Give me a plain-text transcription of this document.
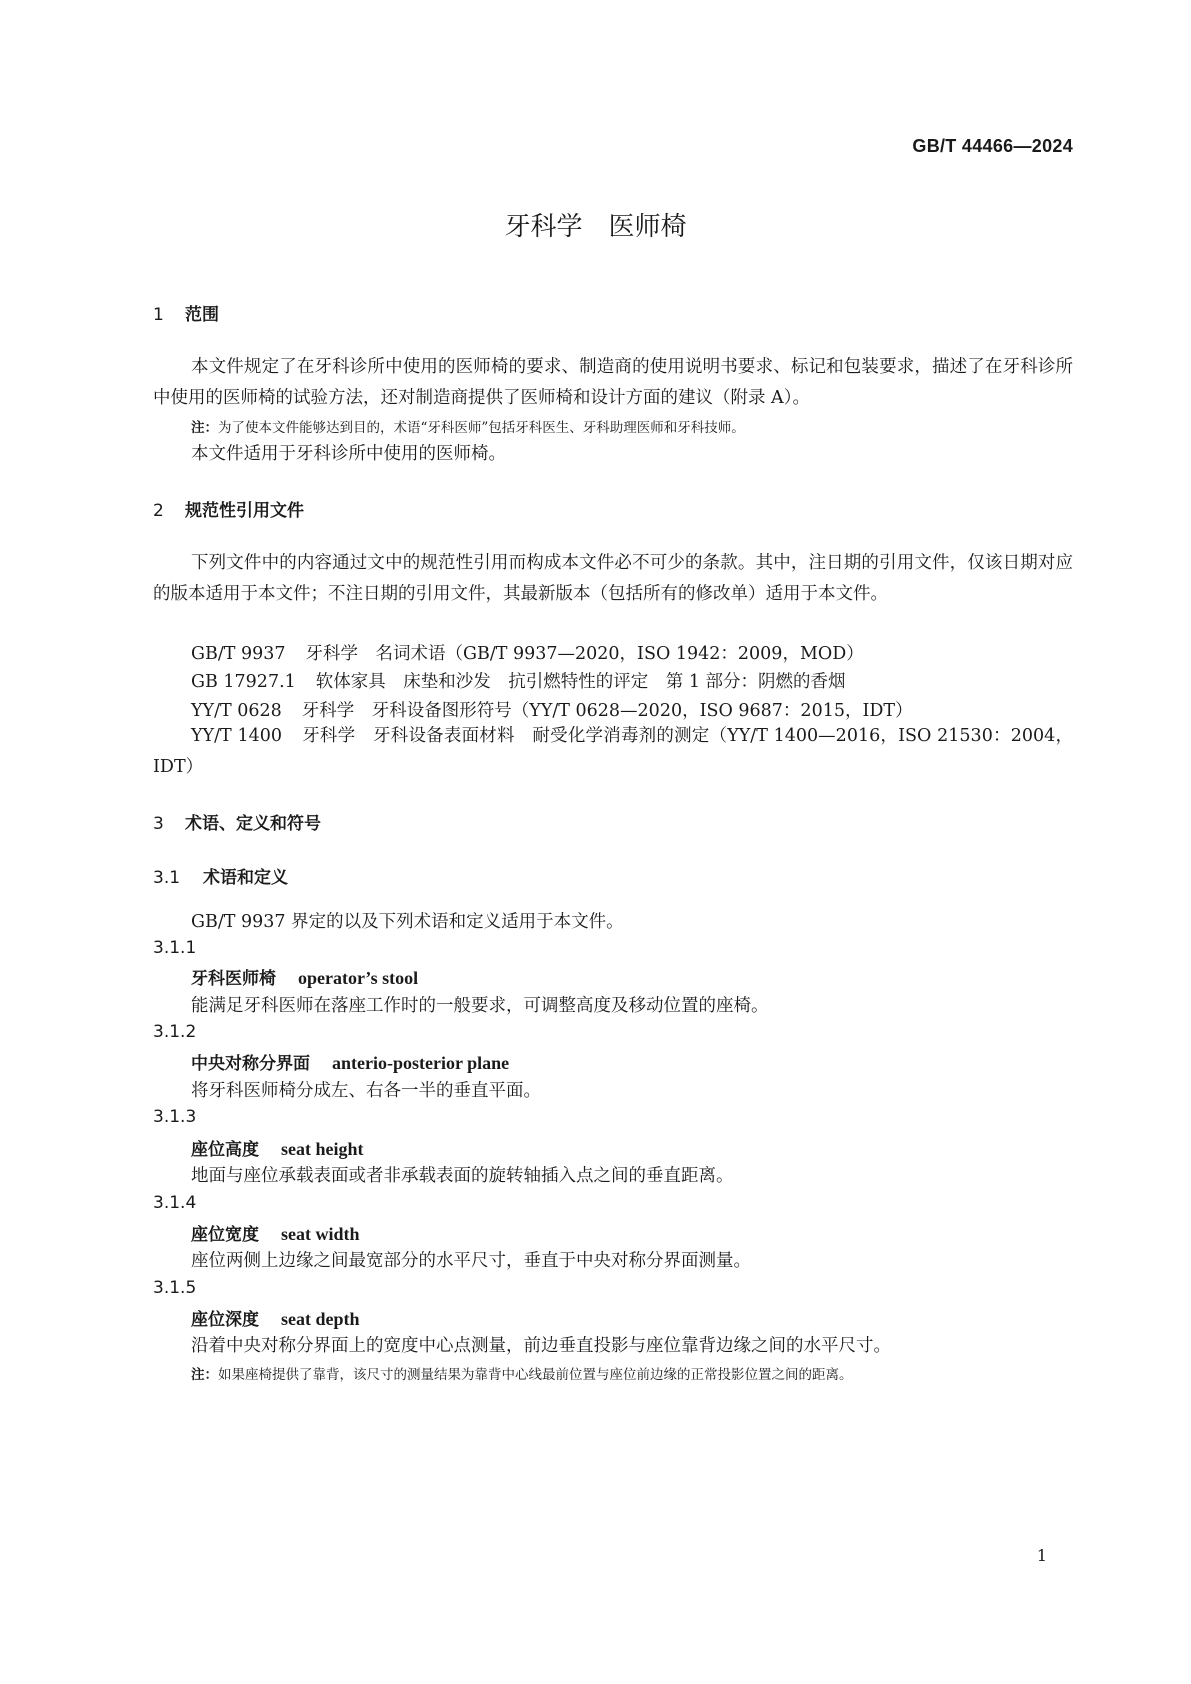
GB/T 44466—2024
牙科学　医师椅
1 范围
本文件规定了在牙科诊所中使用的医师椅的要求、制造商的使用说明书要求、标记和包装要求，描述了在牙科诊所中使用的医师椅的试验方法，还对制造商提供了医师椅和设计方面的建议（附录 A）。
注：为了使本文件能够达到目的，术语“牙科医师”包括牙科医生、牙科助理医师和牙科技师。
本文件适用于牙科诊所中使用的医师椅。
2 规范性引用文件
下列文件中的内容通过文中的规范性引用而构成本文件必不可少的条款。其中，注日期的引用文件，仅该日期对应的版本适用于本文件；不注日期的引用文件，其最新版本（包括所有的修改单）适用于本文件。
GB/T 9937 牙科学　名词术语（GB/T 9937—2020，ISO 1942：2009，MOD）
GB 17927.1 软体家具　床垫和沙发　抗引燃特性的评定　第 1 部分：阴燃的香烟
YY/T 0628 牙科学　牙科设备图形符号（YY/T 0628—2020，ISO 9687：2015，IDT）
YY/T 1400 牙科学　牙科设备表面材料　耐受化学消毒剂的测定（YY/T 1400—2016，ISO 21530：2004，IDT）
3 术语、定义和符号
3.1 术语和定义
GB/T 9937 界定的以及下列术语和定义适用于本文件。
3.1.1
牙科医师椅 operator’s stool
能满足牙科医师在落座工作时的一般要求，可调整高度及移动位置的座椅。
3.1.2
中央对称分界面 anterio-posterior plane
将牙科医师椅分成左、右各一半的垂直平面。
3.1.3
座位高度 seat height
地面与座位承载表面或者非承载表面的旋转轴插入点之间的垂直距离。
3.1.4
座位宽度 seat width
座位两侧上边缘之间最宽部分的水平尺寸，垂直于中央对称分界面测量。
3.1.5
座位深度 seat depth
沿着中央对称分界面上的宽度中心点测量，前边垂直投影与座位靠背边缘之间的水平尺寸。
注：如果座椅提供了靠背，该尺寸的测量结果为靠背中心线最前位置与座位前边缘的正常投影位置之间的距离。
1
